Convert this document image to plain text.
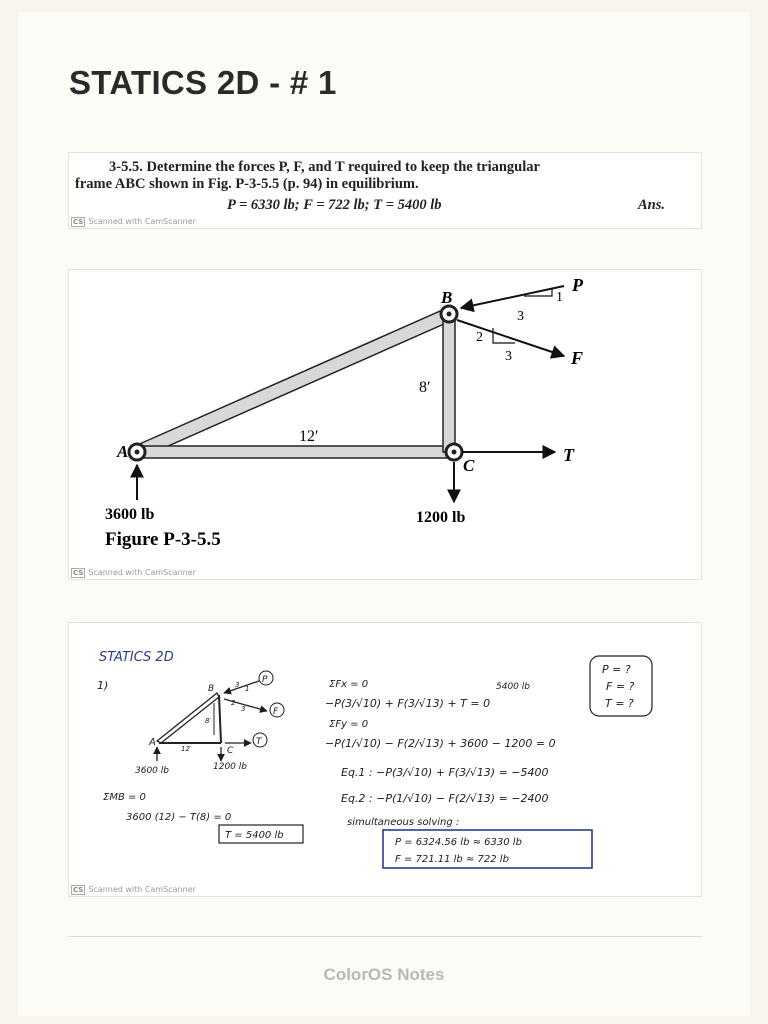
STATICS 2D - # 1
3-5.5. Determine the forces P, F, and T required to keep the triangular
frame ABC shown in Fig. P-3-5.5 (p. 94) in equilibrium.
P = 6330 lb; F = 722 lb; T = 5400 lb	Ans.
CS Scanned with CamScanner
A
B
C
P
F
T
12′
8′
3
1
2
3
3600 lb	1200 lb
Figure P-3-5.5
CS Scanned with CamScanner
STATICS 2D
1)
A
B
C
P
F
T
12′
8′
3 1
2
3
3600 lb	1200 lb
P = ?
F = ?
T = ?
ΣMB = 0
3600 (12) − T(8) = 0
T = 5400 lb
ΣFx = 0	5400 lb
−P(3/√10) + F(3/√13) + T = 0
ΣFy = 0
−P(1/√10) − F(2/√13) + 3600 − 1200 = 0
Eq.1 : −P(3/√10) + F(3/√13) = −5400
Eq.2 : −P(1/√10) − F(2/√13) = −2400
simultaneous solving :
P = 6324.56 lb ≈ 6330 lb
F = 721.11 lb ≈ 722 lb
CS Scanned with CamScanner
ColorOS Notes
